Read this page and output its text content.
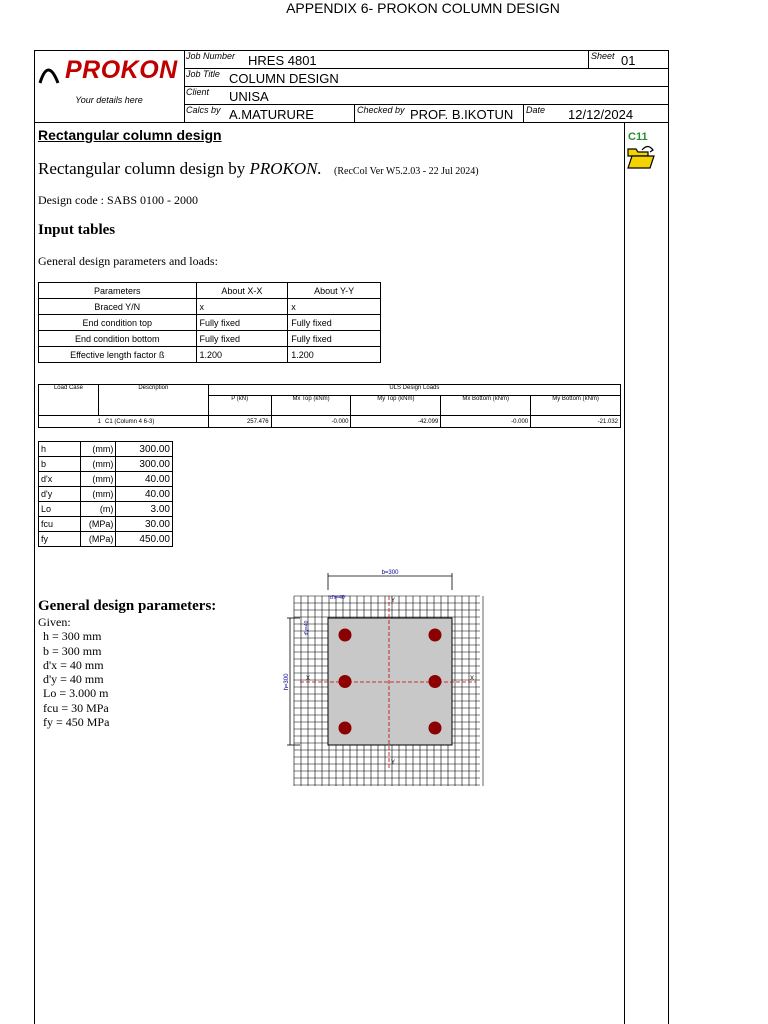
APPENDIX 6- PROKON COLUMN DESIGN
PROKON
Your details here
Job Number HRES 4801	Sheet 01
Job Title COLUMN DESIGN
Client UNISA
Calcs by A.MATURURE	Checked by PROF. B.IKOTUN Date 12/12/2024
Rectangular column design	C11
Rectangular column design by PROKON. (RecCol Ver W5.2.03 - 22 Jul 2024)
Design code : SABS 0100 - 2000
Input tables
General design parameters and loads:
Parameters	About X-X	About Y-Y
Braced Y/N	x	x
End condition top	Fully fixed	Fully fixed
End condition bottom	Fully fixed	Fully fixed
Effective length factor ß	1.200	1.200
Load Case	Description	ULS Design Loads				
		P (kN)	Mx Top (kNm)	My Top (kNm)	Mx Bottom (kNm)	My Bottom (kNm)
1 C1 (Column 4 6-3)		257.476	-0.000	-42.099	-0.000	-21.032
h	(mm)	300.00
b	(mm)	300.00
d'x	(mm)	40.00
d'y	(mm)	40.00
Lo	(m)	3.00
fcu	(MPa)	30.00
fy	(MPa)	450.00
General design parameters:
Given:
h = 300 mm
b = 300 mm
d'x = 40 mm
d'y = 40 mm
Lo = 3.000 m
fcu = 30 MPa
fy = 450 MPa
b=300
d'x=40
h=300
d'y=40
X	X
Y
Y
